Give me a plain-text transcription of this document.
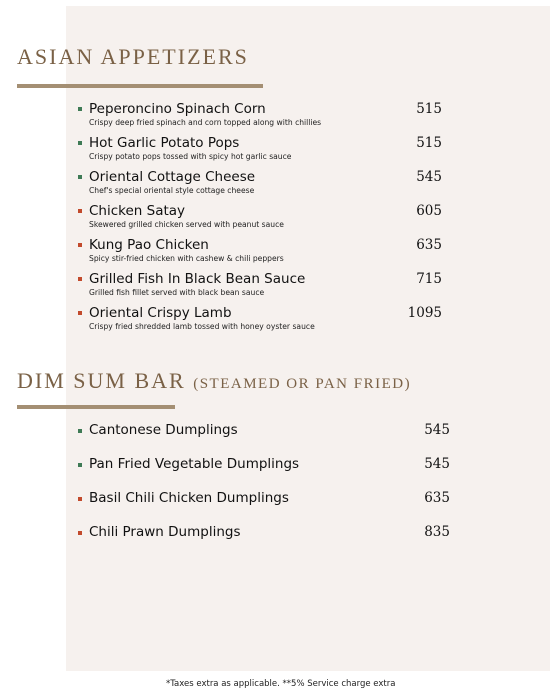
ASIAN APPETIZERS
Peperoncino Spinach Corn
Crispy deep fried spinach and corn topped along with chillies
515
Hot Garlic Potato Pops
Crispy potato pops tossed with spicy hot garlic sauce
515
Oriental Cottage Cheese
Chef's special oriental style cottage cheese
545
Chicken Satay
Skewered grilled chicken served with peanut sauce
605
Kung Pao Chicken
Spicy stir-fried chicken with cashew & chili peppers
635
Grilled Fish In Black Bean Sauce
Grilled fish fillet served with black bean sauce
715
Oriental Crispy Lamb
Crispy fried shredded lamb tossed with honey oyster sauce
1095
DIM SUM BAR (STEAMED OR PAN FRIED)
Cantonese Dumplings	545
Pan Fried Vegetable Dumplings	545
Basil Chili Chicken Dumplings	635
Chili Prawn Dumplings	835
*Taxes extra as applicable. **5% Service charge extra
